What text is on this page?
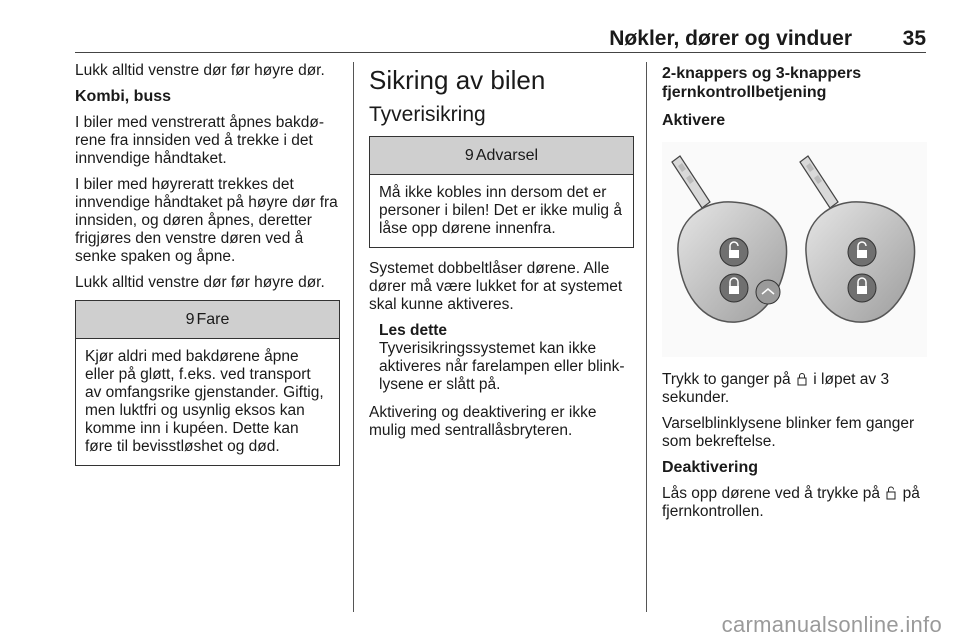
Nøkler, dører og vinduer 35

Lukk alltid venstre dør før høyre dør.

Kombi, buss

I biler med venstreratt åpnes bakdø-rene fra innsiden ved å trekke i det innvendige håndtaket.

I biler med høyreratt trekkes det innvendige håndtaket på høyre dør fra innsiden, og døren åpnes, deretter frigjøres den venstre døren ved å senke spaken og åpne.

Lukk alltid venstre dør før høyre dør.

9 Fare
Kjør aldri med bakdørene åpne eller på gløtt, f.eks. ved transport av omfangsrike gjenstander. Giftig, men luktfri og usynlig eksos kan komme inn i kupéen. Dette kan føre til bevisstløshet og død.
Sikring av bilen
Tyverisikring
9 Advarsel
Må ikke kobles inn dersom det er personer i bilen! Det er ikke mulig å låse opp dørene innenfra.

Systemet dobbeltlåser dørene. Alle dører må være lukket for at systemet skal kunne aktiveres.

Les dette
Tyverisikringssystemet kan ikke aktiveres når farelampen eller blink-lysene er slått på.

Aktivering og deaktivering er ikke mulig med sentrallåsbryteren.

2-knappers og 3-knappers fjernkontrollbetjening
Aktivere

Trykk to ganger på i løpet av 3 sekunder.

Varselblinklysene blinker fem ganger som bekreftelse.

Deaktivering

Lås opp dørene ved å trykke på på fjernkontrollen.

carmanualsonline.info
